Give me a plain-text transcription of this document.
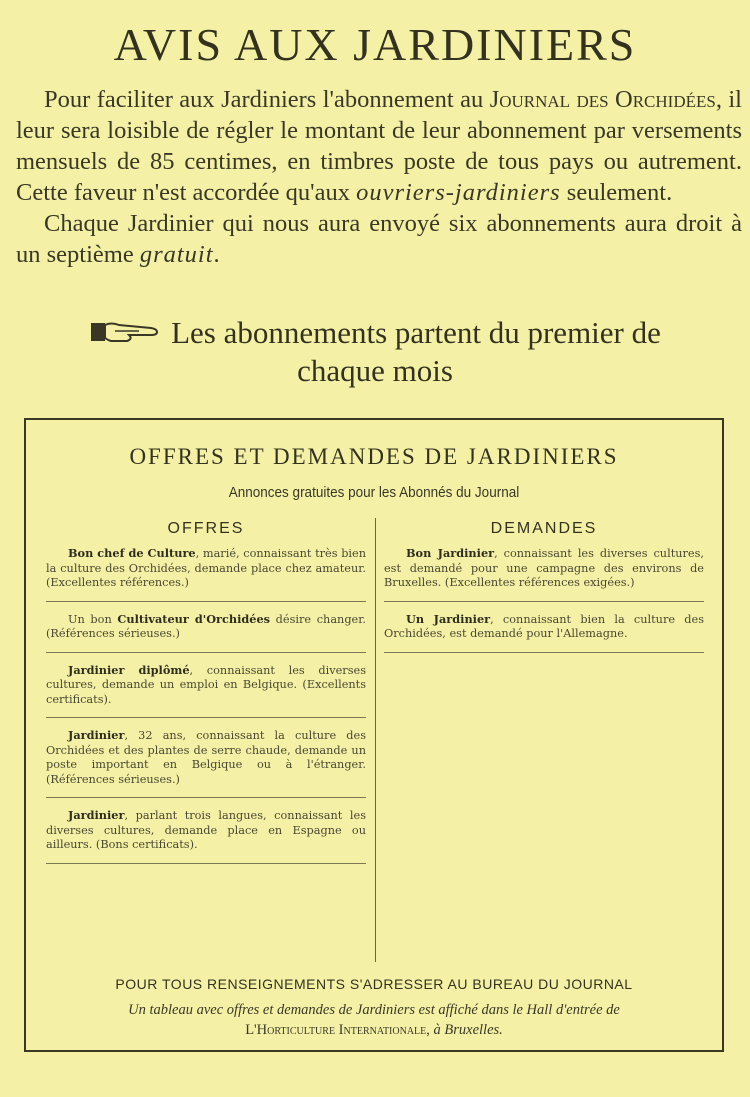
AVIS AUX JARDINIERS

Pour faciliter aux Jardiniers l'abonnement au Journal des Orchidées, il leur sera loisible de régler le montant de leur abonnement par versements mensuels de 85 centimes, en timbres poste de tous pays ou autrement. Cette faveur n'est accordée qu'aux ouvriers-jardiniers seulement.

Chaque Jardinier qui nous aura envoyé six abonnements aura droit à un septième gratuit.

Les abonnements partent du premier de
chaque mois
OFFRES ET DEMANDES DE JARDINIERS
Annonces gratuites pour les Abonnés du Journal
OFFRES
Bon chef de Culture, marié, connaissant très bien la culture des Orchidées, demande place chez amateur. (Excellentes références.)
Un bon Cultivateur d'Orchidées désire changer. (Références sérieuses.)
Jardinier diplômé, connaissant les diverses cultures, demande un emploi en Belgique. (Excellents certificats).
Jardinier, 32 ans, connaissant la culture des Orchidées et des plantes de serre chaude, demande un poste important en Belgique ou à l'étranger. (Références sérieuses.)
Jardinier, parlant trois langues, connaissant les diverses cultures, demande place en Espagne ou ailleurs. (Bons certificats).
DEMANDES
Bon Jardinier, connaissant les diverses cultures, est demandé pour une campagne des environs de Bruxelles. (Excellentes références exigées.)
Un Jardinier, connaissant bien la culture des Orchidées, est demandé pour l'Allemagne.
POUR TOUS RENSEIGNEMENTS S'ADRESSER AU BUREAU DU JOURNAL
Un tableau avec offres et demandes de Jardiniers est affiché dans le Hall d'entrée de
L'Horticulture Internationale, à Bruxelles.
